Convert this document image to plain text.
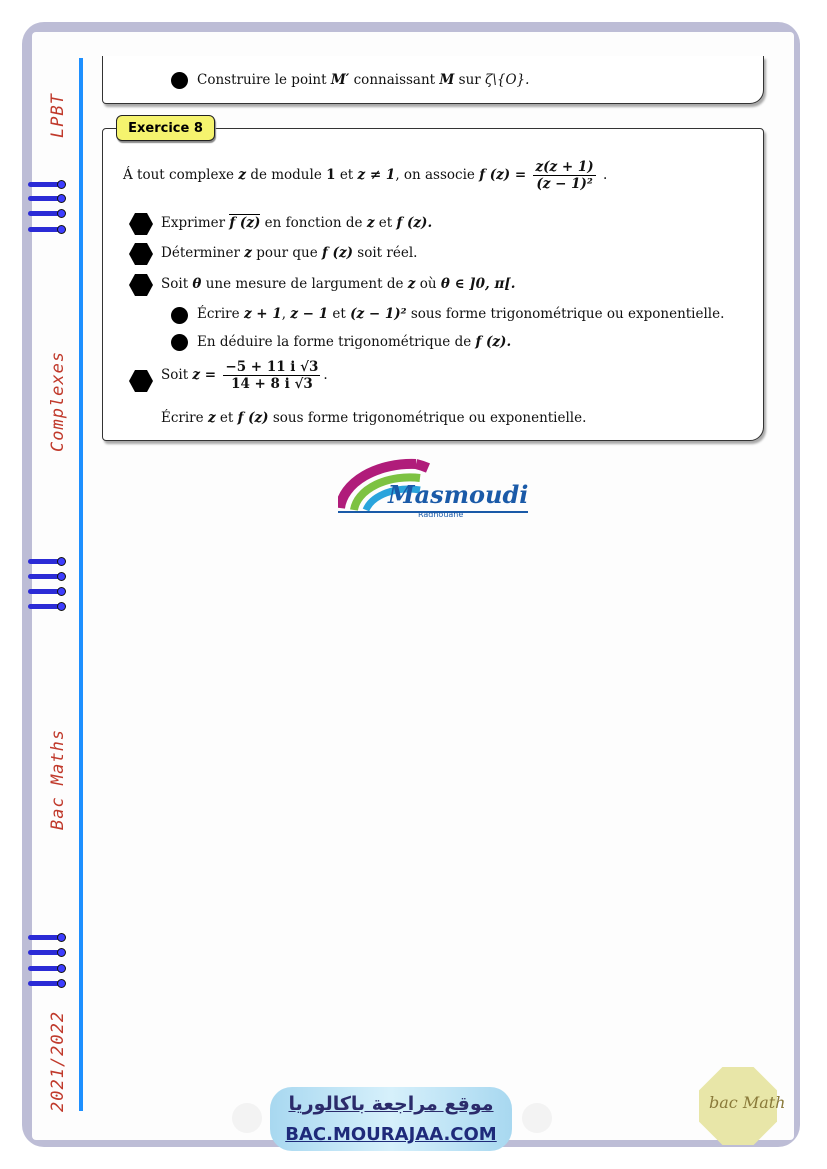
LPBT
Complexes
Bac Maths
2021/2022
Construire le point M′ connaissant M sur ζ\{O}.
Á tout complexe z de module 1 et z ≠ 1, on associe f $(z) = \frac{z(z + 1)}{\text{(z − 1)²}}$ .
Exprimer f (z) en fonction de z et f (z).
Déterminer z pour que f (z) soit réel.
Soit θ une mesure de largument de z où θ ∈ ]0, π[.
Écrire z + 1, z − 1 et (z − 1)² sous forme trigonométrique ou exponentielle.
En déduire la forme trigonométrique de f (z).
Soit $z = \frac{-5 + 11 i √3}{14 + 8 i √3}$ .
Écrire z et f (z) sous forme trigonométrique ou exponentielle.
Exercice 8
Masmoudi
Radhouane
موقع مراجعة باكالوريا
BAC.MOURAJAA.COM
bac Math
